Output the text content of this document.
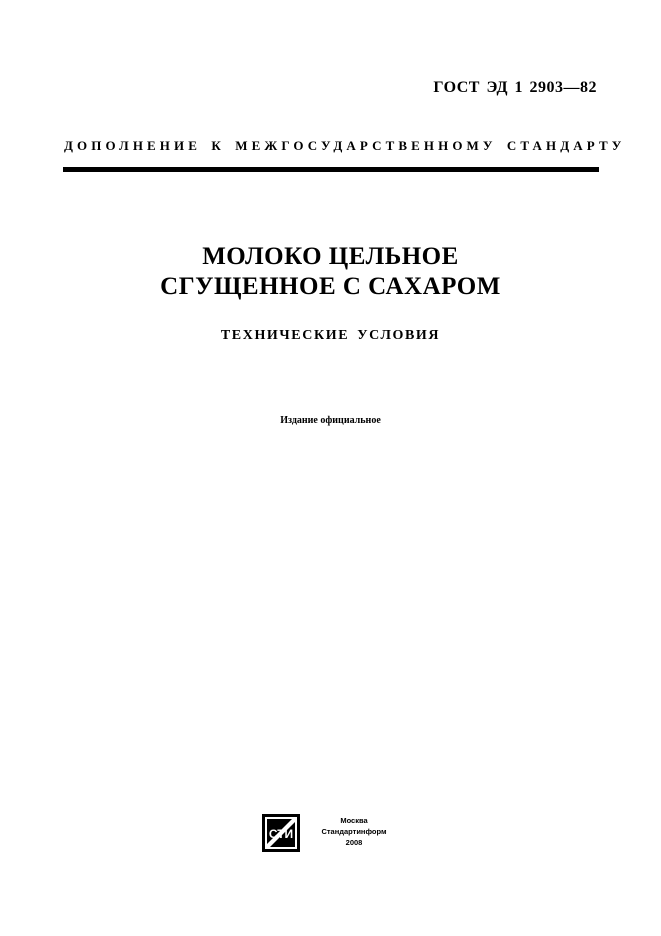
ГОСТ ЭД 1 2903—82
ДОПОЛНЕНИЕ К МЕЖГОСУДАРСТВЕННОМУ СТАНДАРТУ
МОЛОКО ЦЕЛЬНОЕ
СГУЩЕННОЕ С САХАРОМ
ТЕХНИЧЕСКИЕ УСЛОВИЯ
Издание официальное
СТИ
Москва
Стандартинформ
2008
